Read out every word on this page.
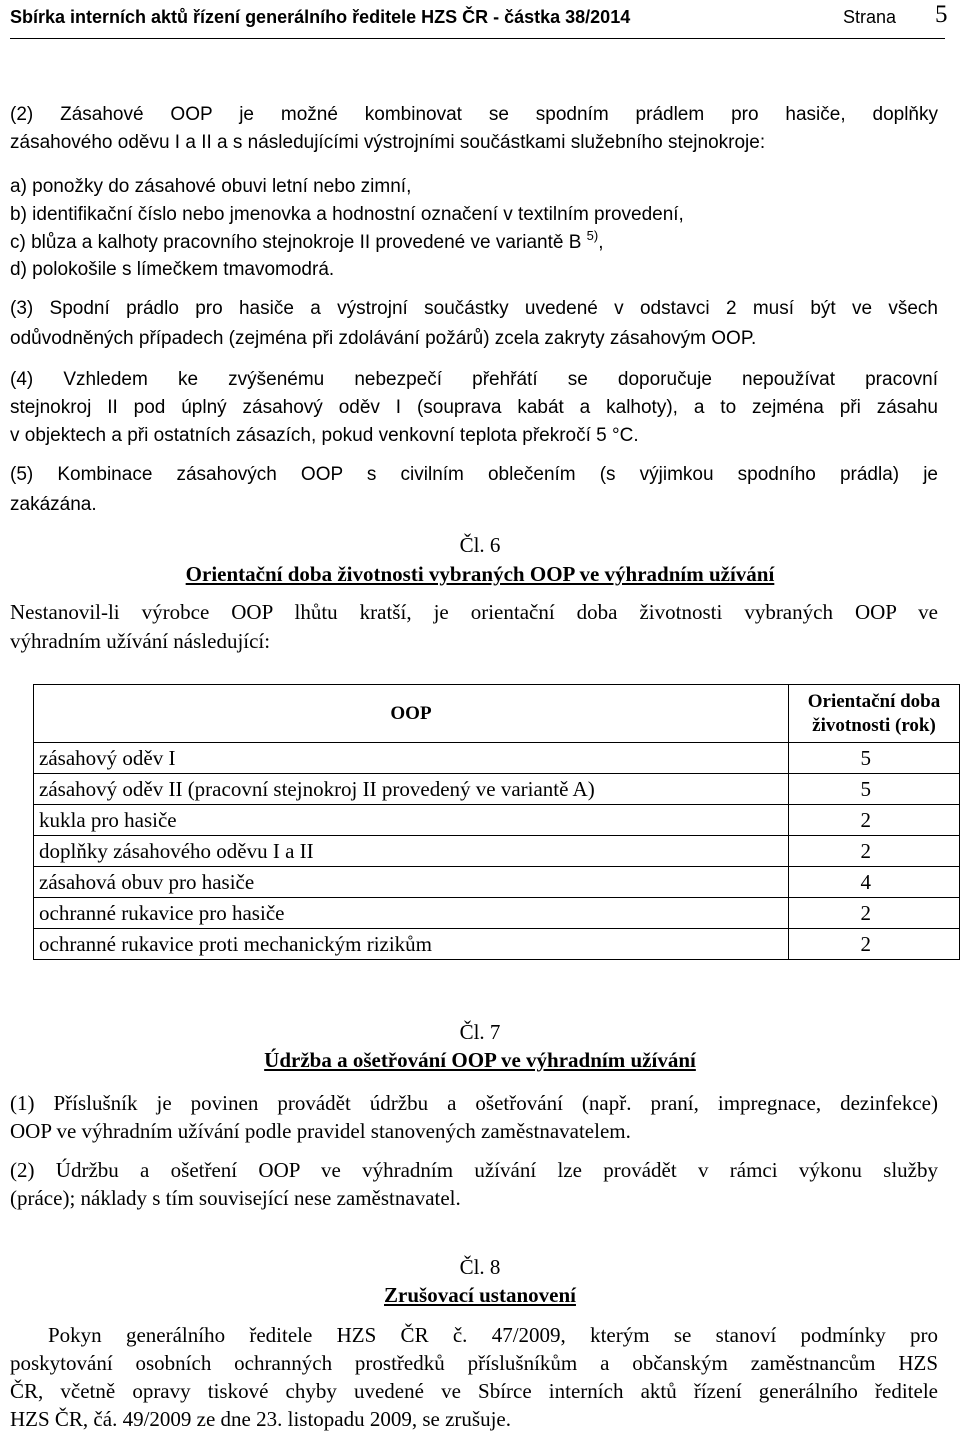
Sbírka interních aktů řízení generálního ředitele HZS ČR - částka 38/2014	Strana 5
(2) Zásahové OOP je možné kombinovat se spodním prádlem pro hasiče, doplňky
zásahového oděvu I a II a s následujícími výstrojními součástkami služebního stejnokroje:
a) ponožky do zásahové obuvi letní nebo zimní,
b) identifikační číslo nebo jmenovka a hodnostní označení v textilním provedení,
c) blůza a kalhoty pracovního stejnokroje II provedené ve variantě B $^{5)}$,
d) polokošile s límečkem tmavomodrá.
(3) Spodní prádlo pro hasiče a výstrojní součástky uvedené v odstavci 2 musí být ve všech
odůvodněných případech (zejména při zdolávání požárů) zcela zakryty zásahovým OOP.
(4) Vzhledem ke zvýšenému nebezpečí přehřátí se doporučuje nepoužívat pracovní
stejnokroj II pod úplný zásahový oděv I (souprava kabát a kalhoty), a to zejména při zásahu
v objektech a při ostatních zásazích, pokud venkovní teplota překročí 5 °C.
(5) Kombinace zásahových OOP s civilním oblečením (s výjimkou spodního prádla) je
zakázána.
Čl. 6
Orientační doba životnosti vybraných OOP ve výhradním užívání
Nestanovil-li výrobce OOP lhůtu kratší, je orientační doba životnosti vybraných OOP ve
výhradním užívání následující:
OOP	Orientační doba
životnosti (rok)
zásahový oděv I	5
zásahový oděv II (pracovní stejnokroj II provedený ve variantě A)	5
kukla pro hasiče	2
doplňky zásahového oděvu I a II	2
zásahová obuv pro hasiče	4
ochranné rukavice pro hasiče	2
ochranné rukavice proti mechanickým rizikům	2
Čl. 7
Údržba a ošetřování OOP ve výhradním užívání
(1) Příslušník je povinen provádět údržbu a ošetřování (např. praní, impregnace, dezinfekce)
OOP ve výhradním užívání podle pravidel stanovených zaměstnavatelem.
(2) Údržbu a ošetření OOP ve výhradním užívání lze provádět v rámci výkonu služby
(práce); náklady s tím související nese zaměstnavatel.
Čl. 8
Zrušovací ustanovení
Pokyn generálního ředitele HZS ČR č. 47/2009, kterým se stanoví podmínky pro
poskytování osobních ochranných prostředků příslušníkům a občanským zaměstnancům HZS
ČR, včetně opravy tiskové chyby uvedené ve Sbírce interních aktů řízení generálního ředitele
HZS ČR, čá. 49/2009 ze dne 23. listopadu 2009, se zrušuje.
